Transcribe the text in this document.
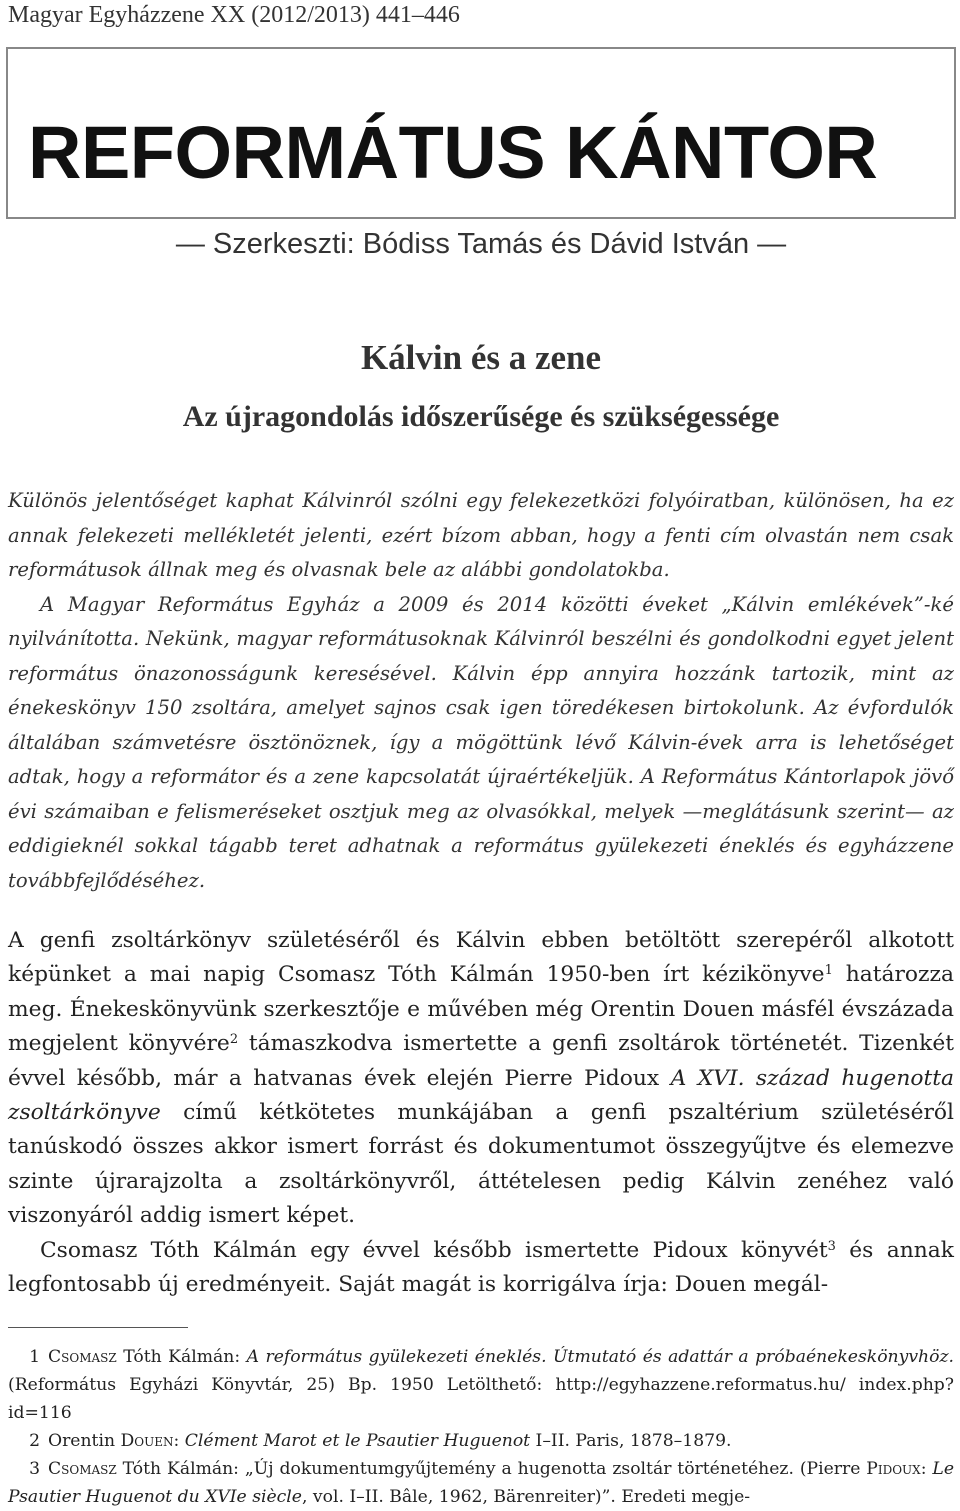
Magyar Egyházzene XX (2012/2013) 441–446
REFORMÁTUS KÁNTOR
— Szerkeszti: Bódiss Tamás és Dávid István —
Kálvin és a zene
Az újragondolás időszerűsége és szükségessége

Különös jelentőséget kaphat Kálvinról szólni egy felekezetközi folyóiratban, különösen, ha ez annak felekezeti mellékletét jelenti, ezért bízom abban, hogy a fenti cím olvastán nem csak reformátusok állnak meg és olvasnak bele az alábbi gondolatokba.

A Magyar Református Egyház a 2009 és 2014 közötti éveket „Kálvin emlékévek”-ké nyilvánította. Nekünk, magyar reformátusoknak Kálvinról beszélni és gondolkodni egyet jelent református önazonosságunk keresésével. Kálvin épp annyira hozzánk tartozik, mint az énekeskönyv 150 zsoltára, amelyet sajnos csak igen töredékesen birtokolunk. Az évfordulók általában számvetésre ösztönöznek, így a mögöttünk lévő Kálvin-évek arra is lehetőséget adtak, hogy a reformátor és a zene kapcsolatát újraértékeljük. A Református Kántorlapok jövő évi számaiban e felismeréseket osztjuk meg az olvasókkal, melyek —meglátásunk szerint— az eddigieknél sokkal tágabb teret adhatnak a református gyülekezeti éneklés és egyházzene továbbfejlődéséhez.

A genfi zsoltárkönyv születéséről és Kálvin ebben betöltött szerepéről alkotott képünket a mai napig Csomasz Tóth Kálmán 1950-ben írt kézikönyve$^1$ határozza meg. Énekeskönyvünk szerkesztője e művében még Orentin Douen másfél évszázada megjelent könyvére$^2$ támaszkodva ismertette a genfi zsoltárok történetét. Tizenkét évvel később, már a hatvanas évek elején Pierre Pidoux A XVI. század hugenotta zsoltárkönyve című kétkötetes munkájában a genfi pszaltérium születéséről tanúskodó összes akkor ismert forrást és dokumentumot összegyűjtve és elemezve szinte újrarajzolta a zsoltárkönyvről, áttételesen pedig Kálvin zenéhez való viszonyáról addig ismert képet.

Csomasz Tóth Kálmán egy évvel később ismertette Pidoux könyvét$^3$ és annak legfontosabb új eredményeit. Saját magát is korrigálva írja: Douen megál-

1 Csomasz Tóth Kálmán: A református gyülekezeti éneklés. Útmutató és adattár a próbaénekeskönyvhöz. (Református Egyházi Könyvtár, 25) Bp. 1950 Letölthető: http://egyhazzene.reformatus.hu/ index.php?id=116

2 Orentin Douen: Clément Marot et le Psautier Huguenot I–II. Paris, 1878–1879.

3 Csomasz Tóth Kálmán: „Új dokumentumgyűjtemény a hugenotta zsoltár történetéhez. (Pierre Pidoux: Le Psautier Huguenot du XVIe siècle, vol. I–II. Bâle, 1962, Bärenreiter)”. Eredeti megje-
